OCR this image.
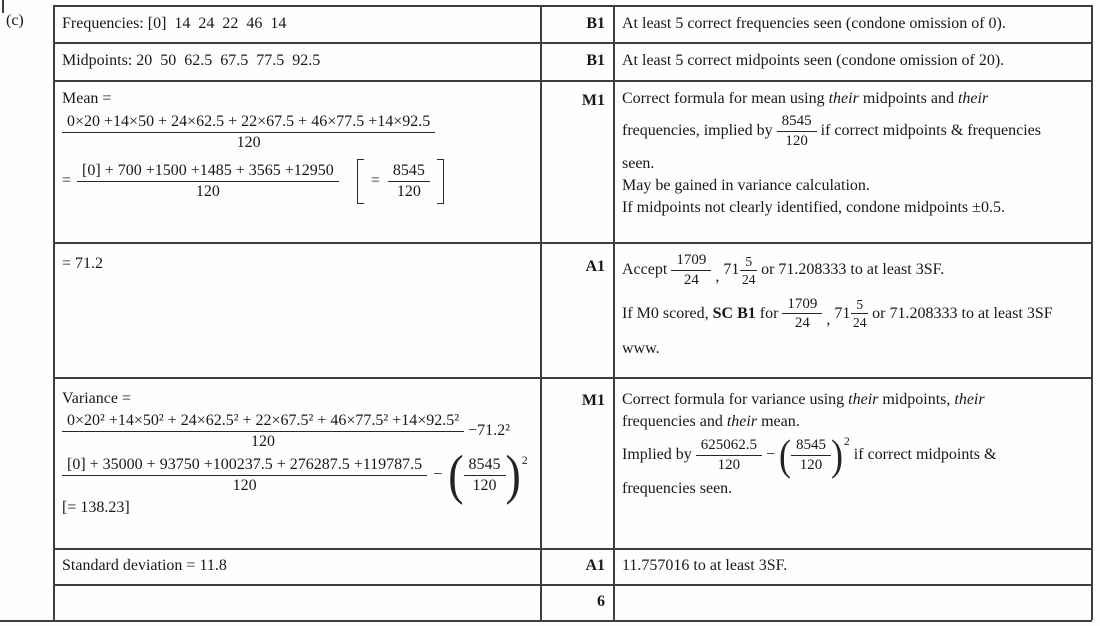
(c) Frequencies: [0]  14  24  22  46  14
Midpoints: 20  50  62.5  67.5  77.5  92.5
Mean =
$\frac{0\times 20 +14\times 50 + 24\times 62.5 + 22\times 67.5 + 46\times 77.5 +14\times 92.5}{120}$
= $\frac{[0] + 700 +1500 +1485 + 3565 +12950}{120} = \frac{8545}{120}$
= 71.2
Variance =
$\frac{\text{0×20² +14×50² + 24×62.5² + 22×67.5² + 46×77.5² +14×92.5²}}{120} -71.2^2$
$\frac{[0] + 35000 + 93750 +100237.5 + 276287.5 +119787.5}{120}$ − ( $\frac{8545}{120}$ ) 2
[= 138.23]
Standard deviation = 11.8
B1
B1
M1
A1
M1
A1
6
At least 5 correct frequencies seen (condone omission of 0).
At least 5 correct midpoints seen (condone omission of 20).
Correct formula for mean using their midpoints and their
frequencies, implied by $\frac{8545}{120}$ if correct midpoints & frequencies
seen.
May be gained in variance calculation.
If midpoints not clearly identified, condone midpoints ±0.5.
Accept $\frac{1709}{24}$ , $71 \frac{5}{24}$ or 71.208333 to at least 3SF.
If M0 scored, SC B1 for $\frac{1709}{24}$ , $71 \frac{5}{24}$ or 71.208333 to at least 3SF
www.
Correct formula for variance using their midpoints, their
frequencies and their mean.
Implied by $\frac{625062.5}{120}$ − ( $\frac{8545}{120}$ ) 2
if correct midpoints &
frequencies seen.
11.757016 to at least 3SF.
